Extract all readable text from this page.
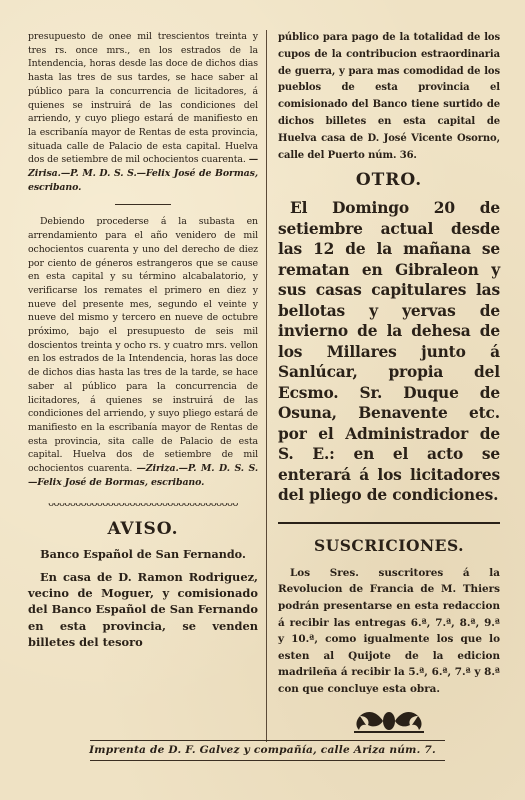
presupuesto de onee mil trescientos treinta y tres rs. once mrs., en los estrados de la Intendencia, horas desde las doce de dichos dias hasta las tres de sus tardes, se hace saber al público para la concurrencia de licitadores, á quienes se instruirá de las condiciones del arriendo, y cuyo pliego estará de manifiesto en la escribanía mayor de Rentas de esta provincia, situada calle de Palacio de esta capital. Huelva dos de setiembre de mil ochocientos cuarenta. —Zirisa.—P. M. D. S. S.—Felix José de Bormas, escribano.

Debiendo procederse á la subasta en arrendamiento para el año venidero de mil ochocientos cuarenta y uno del derecho de diez por ciento de géneros estrangeros que se cause en esta capital y su término alcabalatorio, y verificarse los remates el primero en diez y nueve del presente mes, segundo el veinte y nueve del mismo y tercero en nueve de octubre próximo, bajo el presupuesto de seis mil doscientos treinta y ocho rs. y cuatro mrs. vellon en los estrados de la Intendencia, horas las doce de dichos dias hasta las tres de la tarde, se hace saber al público para la concurrencia de licitadores, á quienes se instruirá de las condiciones del arriendo, y suyo pliego estará de manifiesto en la escribanía mayor de Rentas de esta provincia, sita calle de Palacio de esta capital. Huelva dos de setiembre de mil ochocientos cuarenta. —Ziriza.—P. M. D. S. S.—Felix José de Bormas, escribano.

ᴗᴗᴗᴗᴗᴗᴗᴗᴗᴗᴗᴗᴗᴗᴗᴗᴗᴗᴗᴗᴗᴗᴗᴗᴗᴗᴗᴗᴗᴗᴗᴗᴗᴗᴗ
AVISO.
Banco Español de San Fernando.

En casa de D. Ramon Rodriguez, vecino de Moguer, y comisionado del Banco Español de San Fernando en esta provincia, se venden billetes del tesoro

público para pago de la totalidad de los cupos de la contribucion estraordinaria de guerra, y para mas comodidad de los pueblos de esta provincia el comisionado del Banco tiene surtido de dichos billetes en esta capital de Huelva casa de D. José Vicente Osorno, calle del Puerto núm. 36.

OTRO.

El Domingo 20 de setiembre actual desde las 12 de la mañana se rematan en Gibraleon y sus casas capitulares las bellotas y yervas de invierno de la dehesa de los Millares junto á Sanlúcar, propia del Ecsmo. Sr. Duque de Osuna, Benavente etc. por el Administrador de S. E.: en el acto se enterará á los licitadores del pliego de condiciones.

SUSCRICIONES.

Los Sres. suscritores á la Revolucion de Francia de M. Thiers podrán presentarse en esta redaccion á recibir las entregas 6.ª, 7.ª, 8.ª, 9.ª y 10.ª, como igualmente los que lo esten al Quijote de la edicion madrileña á recibir la 5.ª, 6.ª, 7.ª y 8.ª con que concluye esta obra.

Imprenta de D. F. Galvez y compañía, calle Ariza núm. 7.
